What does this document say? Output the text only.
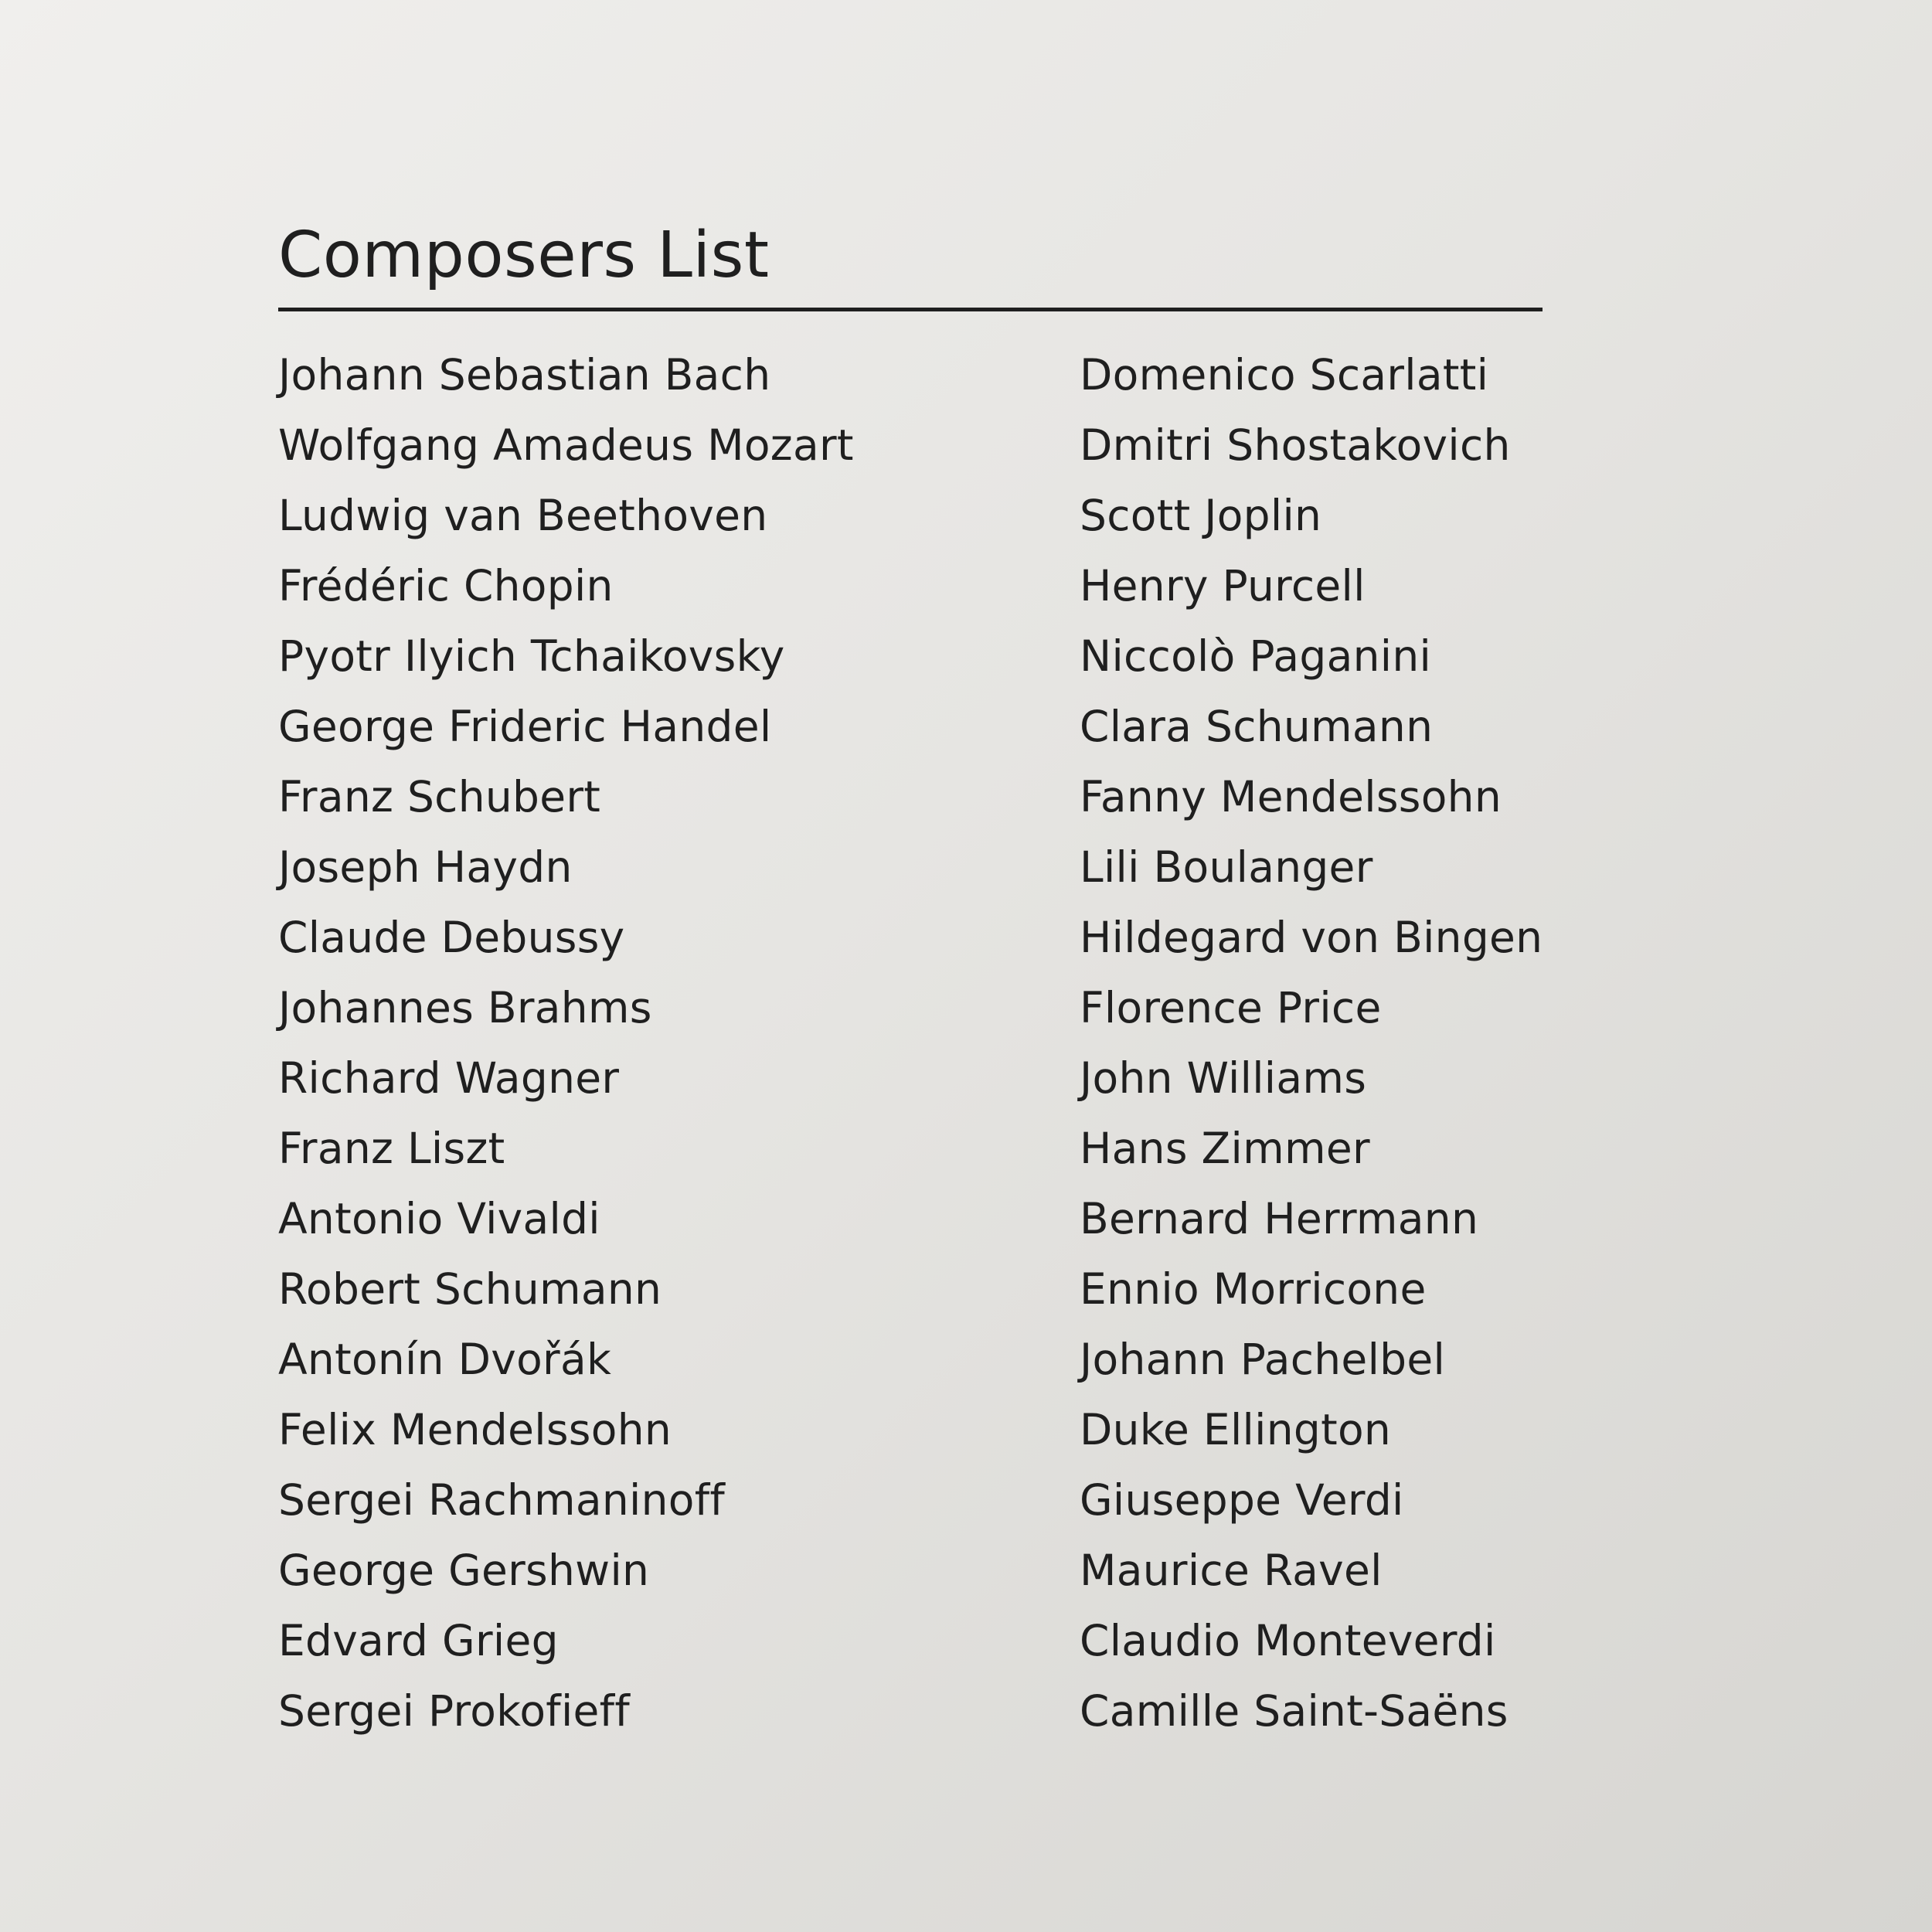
Composers List
Johann Sebastian Bach
Wolfgang Amadeus Mozart
Ludwig van Beethoven
Frédéric Chopin
Pyotr Ilyich Tchaikovsky
George Frideric Handel
Franz Schubert
Joseph Haydn
Claude Debussy
Johannes Brahms
Richard Wagner
Franz Liszt
Antonio Vivaldi
Robert Schumann
Antonín Dvořák
Felix Mendelssohn
Sergei Rachmaninoff
George Gershwin
Edvard Grieg
Sergei Prokofieff
Domenico Scarlatti
Dmitri Shostakovich
Scott Joplin
Henry Purcell
Niccolò Paganini
Clara Schumann
Fanny Mendelssohn
Lili Boulanger
Hildegard von Bingen
Florence Price
John Williams
Hans Zimmer
Bernard Herrmann
Ennio Morricone
Johann Pachelbel
Duke Ellington
Giuseppe Verdi
Maurice Ravel
Claudio Monteverdi
Camille Saint-Saëns
